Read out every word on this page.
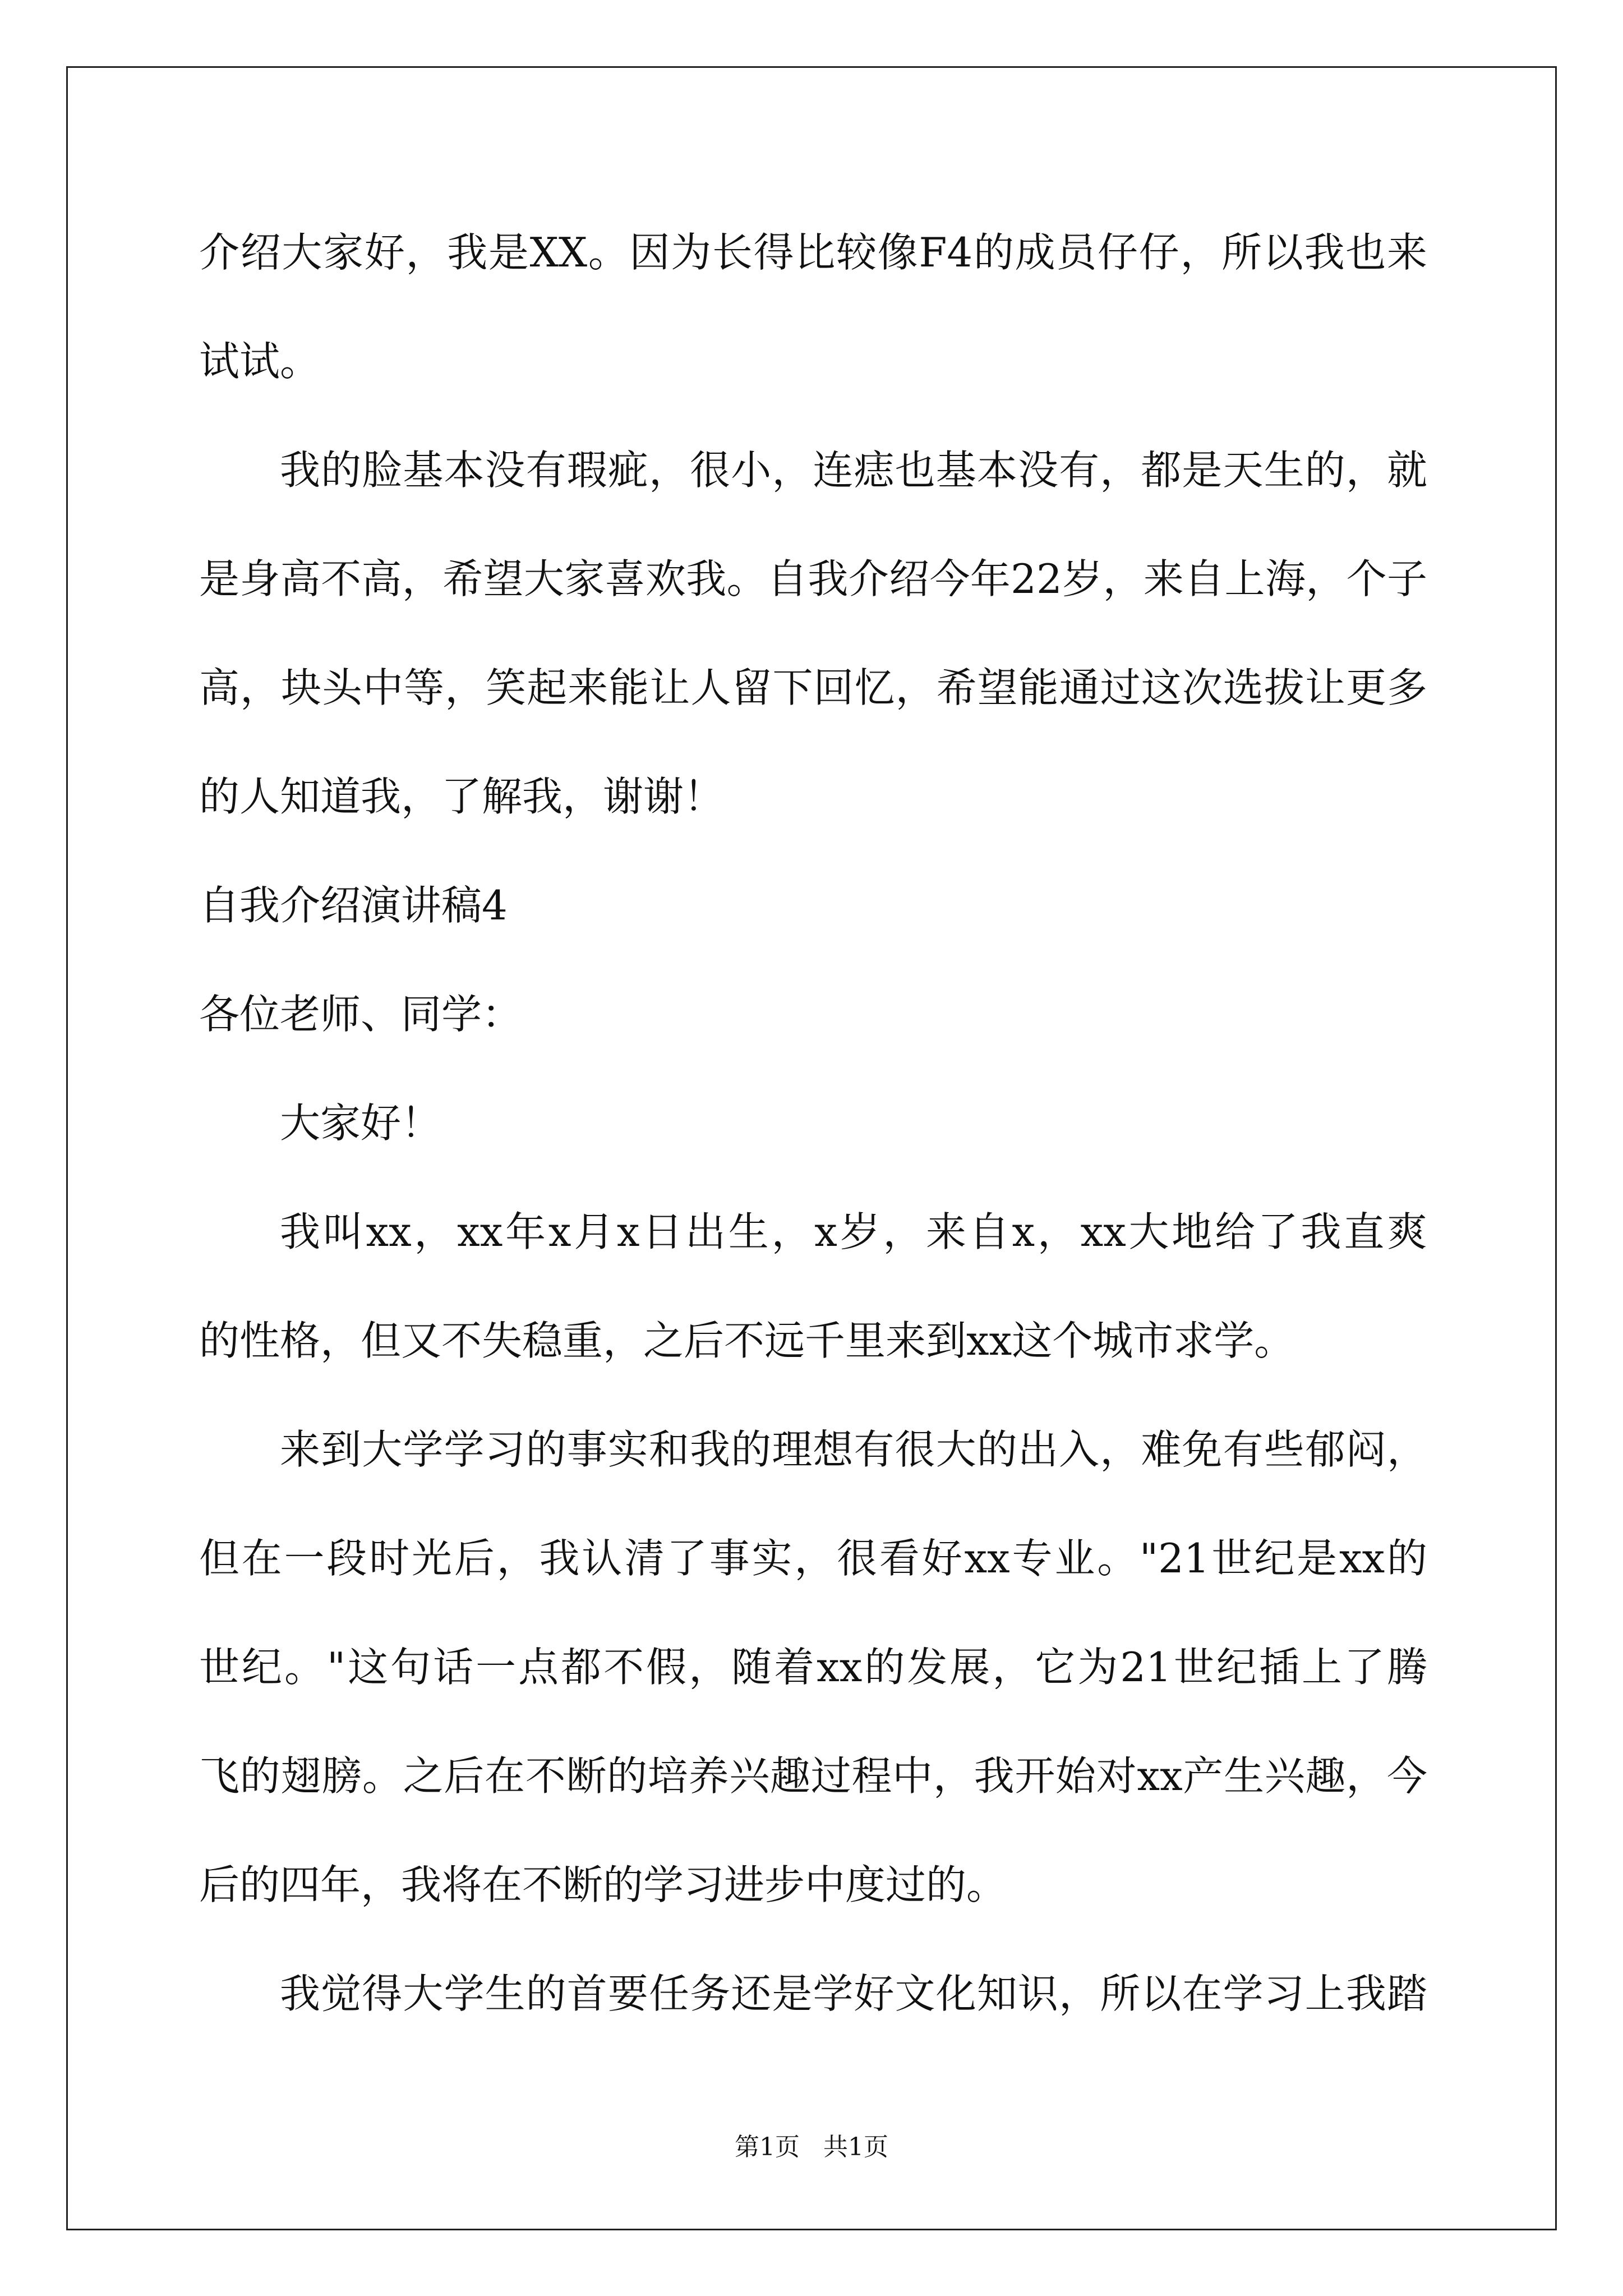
介绍大家好，我是XX。因为长得比较像F4的成员仔仔，所以我也来
试试。
我的脸基本没有瑕疵，很小，连痣也基本没有，都是天生的，就
是身高不高，希望大家喜欢我。自我介绍今年22岁，来自上海，个子
高，块头中等，笑起来能让人留下回忆，希望能通过这次选拔让更多
的人知道我，了解我，谢谢！
自我介绍演讲稿4
各位老师、同学：
大家好！
我叫xx，xx年x月x日出生，x岁，来自x，xx大地给了我直爽
的性格，但又不失稳重，之后不远千里来到xx这个城市求学。
来到大学学习的事实和我的理想有很大的出入，难免有些郁闷，
但在一段时光后，我认清了事实，很看好xx专业。"21世纪是xx的
世纪。"这句话一点都不假，随着xx的发展，它为21世纪插上了腾
飞的翅膀。之后在不断的培养兴趣过程中，我开始对xx产生兴趣，今
后的四年，我将在不断的学习进步中度过的。
我觉得大学生的首要任务还是学好文化知识，所以在学习上我踏
第1页 共1页
